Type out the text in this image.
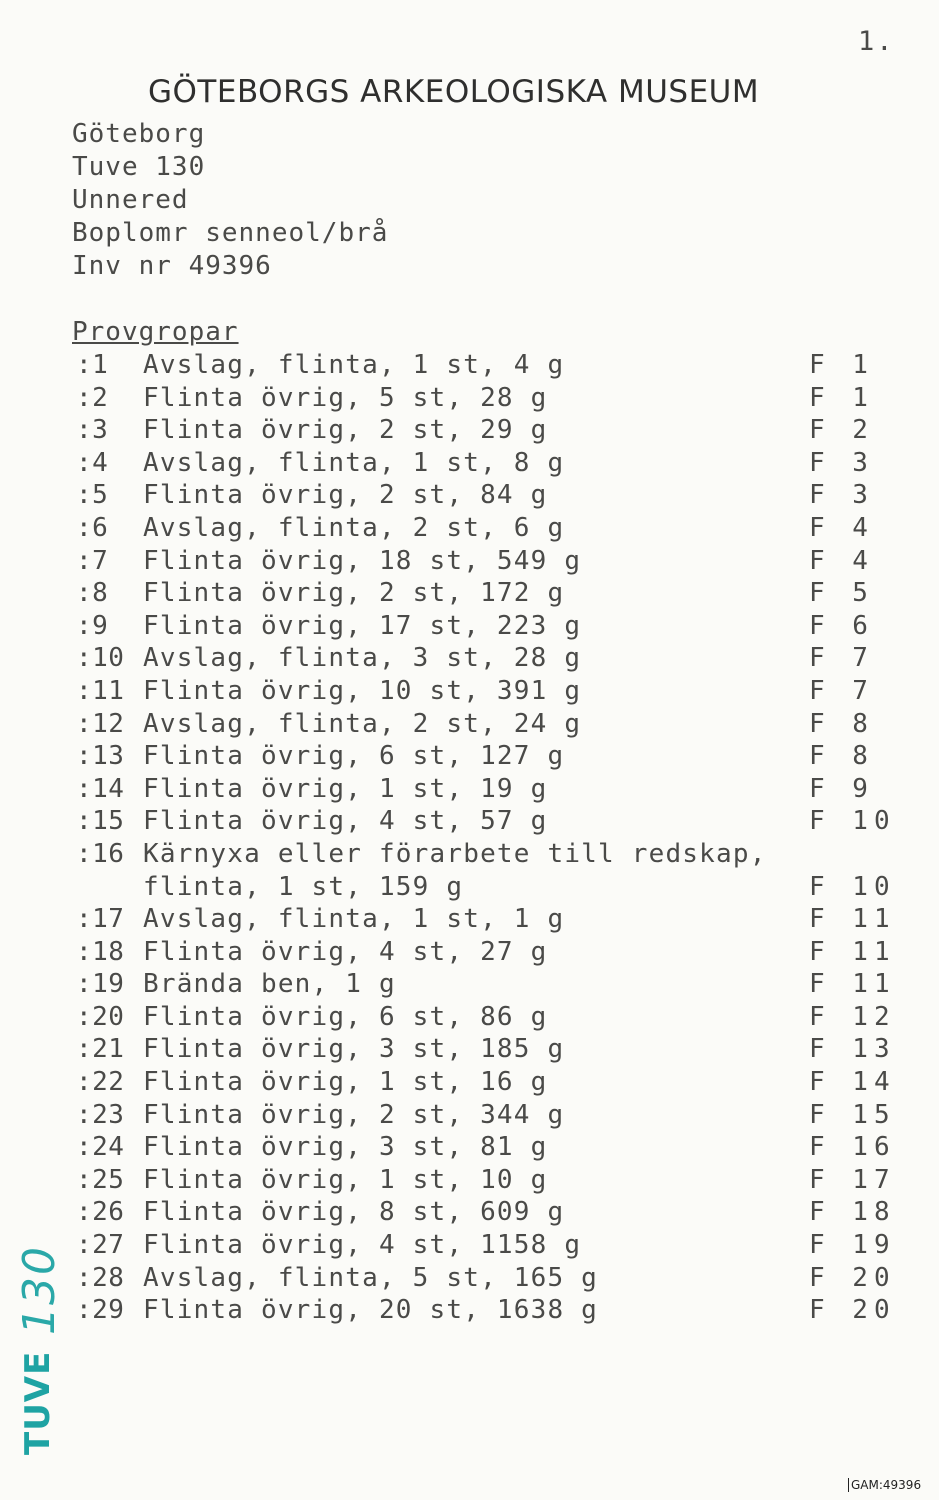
1.
GÖTEBORGS ARKEOLOGISKA MUSEUM
Göteborg
Tuve 130
Unnered
Boplomr senneol/brå
Inv nr 49396
Provgropar
:1 Avslag, flinta, 1 st, 4 g	F 1
:2 Flinta övrig, 5 st, 28 g	F 1
:3 Flinta övrig, 2 st, 29 g	F 2
:4 Avslag, flinta, 1 st, 8 g	F 3
:5 Flinta övrig, 2 st, 84 g	F 3
:6 Avslag, flinta, 2 st, 6 g	F 4
:7 Flinta övrig, 18 st, 549 g	F 4
:8 Flinta övrig, 2 st, 172 g	F 5
:9 Flinta övrig, 17 st, 223 g	F 6
:10 Avslag, flinta, 3 st, 28 g	F 7
:11 Flinta övrig, 10 st, 391 g	F 7
:12 Avslag, flinta, 2 st, 24 g	F 8
:13 Flinta övrig, 6 st, 127 g	F 8
:14 Flinta övrig, 1 st, 19 g	F 9
:15 Flinta övrig, 4 st, 57 g	F 10
:16 Kärnyxa eller förarbete till redskap,
flinta, 1 st, 159 g	F 10
:17 Avslag, flinta, 1 st, 1 g	F 11
:18 Flinta övrig, 4 st, 27 g	F 11
:19 Brända ben, 1 g	F 11
:20 Flinta övrig, 6 st, 86 g	F 12
:21 Flinta övrig, 3 st, 185 g	F 13
:22 Flinta övrig, 1 st, 16 g	F 14
:23 Flinta övrig, 2 st, 344 g	F 15
:24 Flinta övrig, 3 st, 81 g	F 16
:25 Flinta övrig, 1 st, 10 g	F 17
:26 Flinta övrig, 8 st, 609 g	F 18
:27 Flinta övrig, 4 st, 1158 g	F 19
:28 Avslag, flinta, 5 st, 165 g	F 20
:29 Flinta övrig, 20 st, 1638 g	F 20
130
TUVE
GAM:49396
